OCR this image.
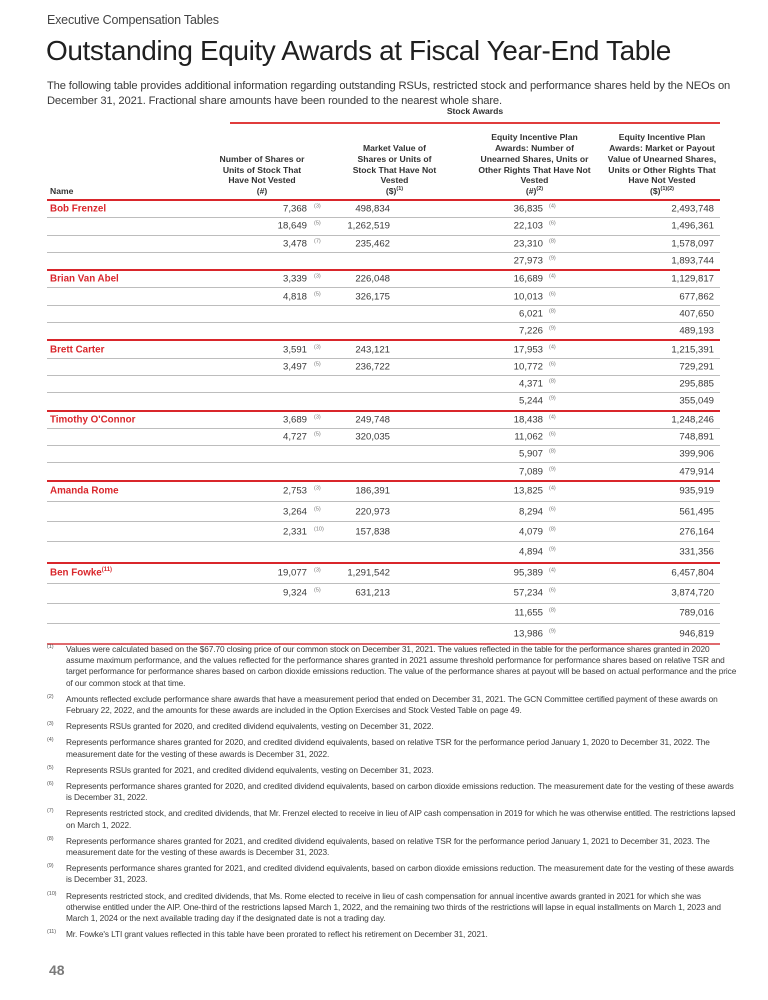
Executive Compensation Tables
Outstanding Equity Awards at Fiscal Year-End Table

The following table provides additional information regarding outstanding RSUs, restricted stock and performance shares held by the NEOs on December 31, 2021. Fractional share amounts have been rounded to the nearest whole share.

Stock Awards
Name
Number of Shares or
Units of Stock That
Have Not Vested
(#)
Market Value of
Shares or Units of
Stock That Have Not
Vested
($)$^{(1)}$
Equity Incentive Plan
Awards: Number of
Unearned Shares, Units or
Other Rights That Have Not
Vested
(#)$^{(2)}$
Equity Incentive Plan
Awards: Market or Payout
Value of Unearned Shares,
Units or Other Rights That
Have Not Vested
($)$^{(1)(2)}$
Bob Frenzel	7,368 (3)	498,834	36,835 (4)	2,493,748
18,649 (5)	1,262,519	22,103 (6)	1,496,361
3,478 (7)	235,462	23,310 (8)	1,578,097
27,973 (9)	1,893,744
Brian Van Abel	3,339 (3)	226,048	16,689 (4)	1,129,817
4,818 (5)	326,175	10,013 (6)	677,862
6,021 (8)	407,650
7,226 (9)	489,193
Brett Carter	3,591 (3)	243,121	17,953 (4)	1,215,391
3,497 (5)	236,722	10,772 (6)	729,291
4,371 (8)	295,885
5,244 (9)	355,049
Timothy O'Connor	3,689 (3)	249,748	18,438 (4)	1,248,246
4,727 (5)	320,035	11,062 (6)	748,891
5,907 (8)	399,906
7,089 (9)	479,914
Amanda Rome	2,753 (3)	186,391	13,825 (4)	935,919
3,264 (5)	220,973	8,294 (6)	561,495
2,331 (10)	157,838	4,079 (8)	276,164
4,894 (9)	331,356
Ben Fowke$^{(11)}$	19,077 (3)	1,291,542	95,389 (4)	6,457,804
9,324 (5)	631,213	57,234 (6)	3,874,720
11,655 (8)	789,016
13,986 (9)	946,819
(1) Values were calculated based on the $67.70 closing price of our common stock on December 31, 2021. The values reflected in the table for the performance shares granted in 2020 assume maximum performance, and the values reflected for the performance shares granted in 2021 assume threshold performance for performance shares based on relative TSR and target performance for performance shares based on carbon dioxide emissions reduction. The value of the performance shares at payout will be based on actual performance and the price of our common stock at that time.
(2) Amounts reflected exclude performance share awards that have a measurement period that ended on December 31, 2021. The GCN Committee certified payment of these awards on February 22, 2022, and the amounts for these awards are included in the Option Exercises and Stock Vested Table on page 49.
(3) Represents RSUs granted for 2020, and credited dividend equivalents, vesting on December 31, 2022.
(4) Represents performance shares granted for 2020, and credited dividend equivalents, based on relative TSR for the performance period January 1, 2020 to December 31, 2022. The measurement date for the vesting of these awards is December 31, 2022.
(5) Represents RSUs granted for 2021, and credited dividend equivalents, vesting on December 31, 2023.
(6) Represents performance shares granted for 2020, and credited dividend equivalents, based on carbon dioxide emissions reduction. The measurement date for the vesting of these awards is December 31, 2022.
(7) Represents restricted stock, and credited dividends, that Mr. Frenzel elected to receive in lieu of AIP cash compensation in 2019 for which he was otherwise entitled. The restrictions lapsed on March 1, 2022.
(8) Represents performance shares granted for 2021, and credited dividend equivalents, based on relative TSR for the performance period January 1, 2021 to December 31, 2023. The measurement date for the vesting of these awards is December 31, 2023.
(9) Represents performance shares granted for 2021, and credited dividend equivalents, based on carbon dioxide emissions reduction. The measurement date for the vesting of these awards is December 31, 2023.
(10) Represents restricted stock, and credited dividends, that Ms. Rome elected to receive in lieu of cash compensation for annual incentive awards granted in 2021 for which she was otherwise entitled under the AIP. One-third of the restrictions lapsed March 1, 2022, and the remaining two thirds of the restrictions will lapse in equal installments on March 1, 2023 and March 1, 2024 or the next available trading day if the designated date is not a trading day.
(11) Mr. Fowke's LTI grant values reflected in this table have been prorated to reflect his retirement on December 31, 2021.
48
